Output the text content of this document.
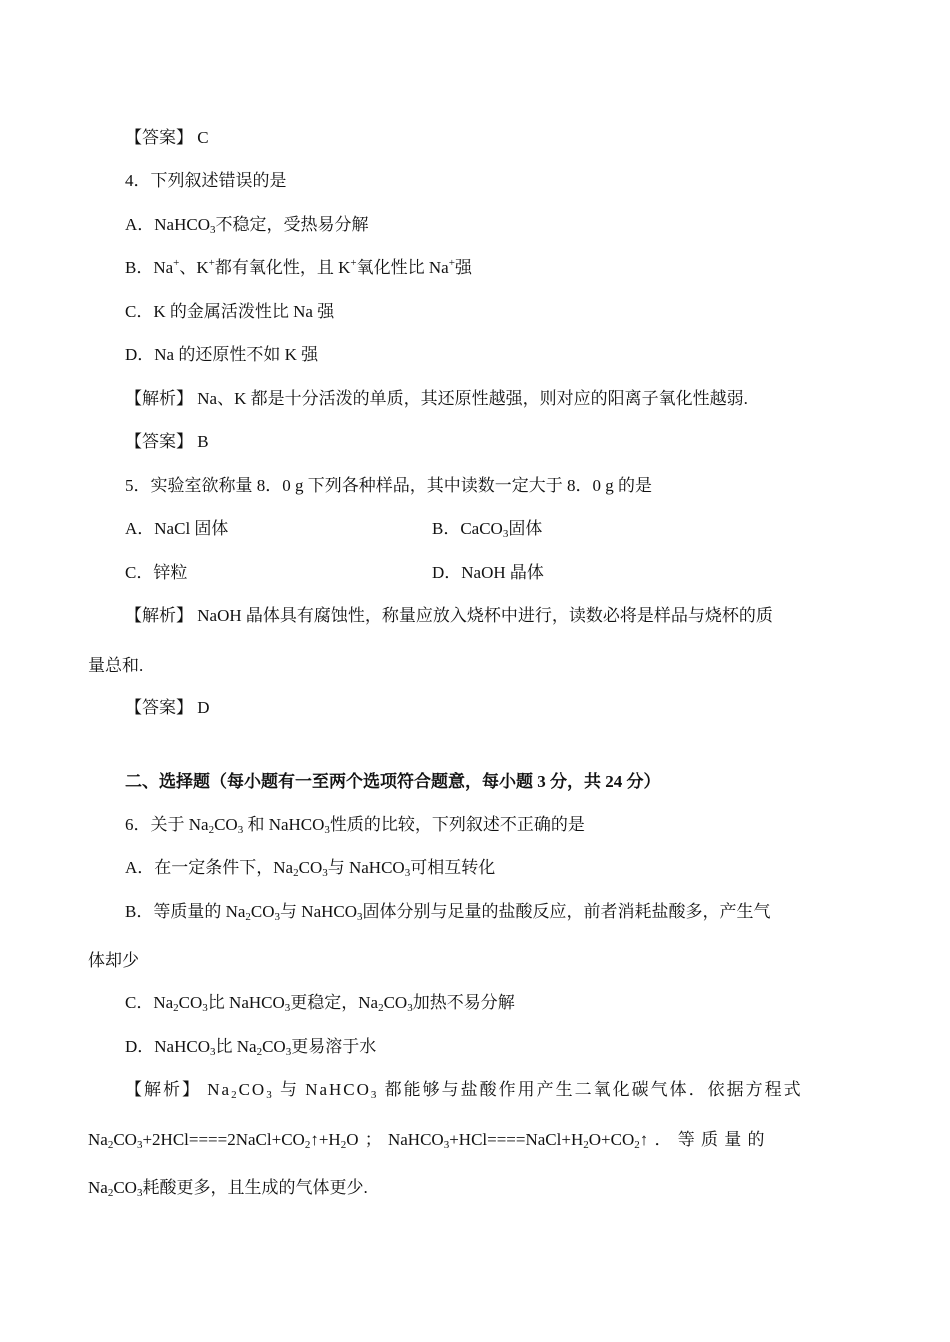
【答案】 C
4．下列叙述错误的是
A．NaHCO$_3$不稳定，受热易分解
B．Na+、K+都有氧化性，且 K+氧化性比 Na+强
C．K 的金属活泼性比 Na 强
D．Na 的还原性不如 K 强
【解析】 Na、K 都是十分活泼的单质，其还原性越强，则对应的阳离子氧化性越弱.
【答案】 B
5．实验室欲称量 8．0 g 下列各种样品，其中读数一定大于 8．0 g 的是
A．NaCl 固体	B．CaCO$_3$固体
C．锌粒	D．NaOH 晶体
【解析】 NaOH 晶体具有腐蚀性，称量应放入烧杯中进行，读数必将是样品与烧杯的质
量总和.
【答案】 D
二、选择题（每小题有一至两个选项符合题意，每小题 3 分，共 24 分）
6．关于 $Na_2CO_3$ 和 NaHCO$_3$性质的比较，下列叙述不正确的是
A．在一定条件下，$Na_2CO_3$与 NaHCO$_3$可相互转化
B．等质量的 $Na_2CO_3$与 NaHCO$_3$固体分别与足量的盐酸反应，前者消耗盐酸多，产生气
体却少
C．$Na_2CO_3$比 NaHCO$_3$更稳定，$Na_2CO_3$加热不易分解
D．NaHCO$_3$比 $Na_2CO_3$更易溶于水
【解析】 $Na_2CO_3$ 与 NaHCO$_3$ 都能够与盐酸作用产生二氧化碳气体．依据方程式
$Na_2CO_3+2HCl====2NaCl+CO_2↑+H_2O$ ； $NaHCO_3+HCl====NaCl+H_2O+CO_2↑$ ． 等 质 量 的
$Na_2CO_3$耗酸更多，且生成的气体更少.
